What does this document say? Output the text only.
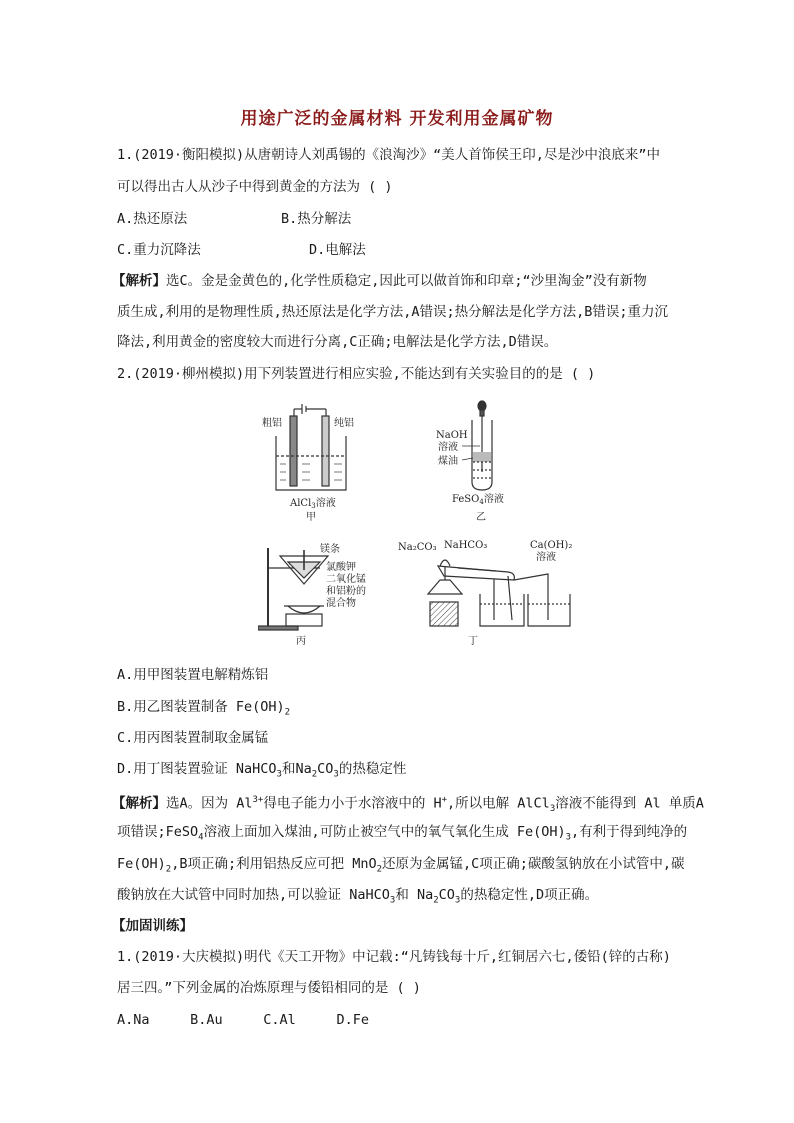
用途广泛的金属材料 开发利用金属矿物
1.(2019·衡阳模拟)从唐朝诗人刘禹锡的《浪淘沙》“美人首饰侯王印,尽是沙中浪底来”中
可以得出古人从沙子中得到黄金的方法为 ( )
A.热还原法	B.热分解法
C.重力沉降法	D.电解法
【解析】选C。金是金黄色的,化学性质稳定,因此可以做首饰和印章;“沙里淘金”没有新物
质生成,利用的是物理性质,热还原法是化学方法,A错误;热分解法是化学方法,B错误;重力沉
降法,利用黄金的密度较大而进行分离,C正确;电解法是化学方法,D错误。
2.(2019·柳州模拟)用下列装置进行相应实验,不能达到有关实验目的的是 ( )
粗铝	纯铝
AlCl$_3$溶液
甲
NaOH
溶液
煤油
FeSO$_4$溶液
乙
镁条
氯酸钾
二氧化锰
和铝粉的
混合物
丙
Na₂CO₃ NaHCO₃	Ca(OH)₂
溶液
丁
A.用甲图装置电解精炼铝
B.用乙图装置制备 $Fe(OH)_2$
C.用丙图装置制取金属锰
D.用丁图装置验证 NaHCO$_3$和$Na_2CO_3$的热稳定性
【解析】选A。因为 $Al^{3+}$得电子能力小于水溶液中的 H+,所以电解 AlCl$_3$溶液不能得到 Al 单质A
项错误;FeSO$_4$溶液上面加入煤油,可防止被空气中的氧气氧化生成 $Fe(OH)_3$,有利于得到纯净的
$Fe(OH)_2,B$项正确;利用铝热反应可把 MnO$_2$还原为金属锰,C项正确;碳酸氢钠放在小试管中,碳
酸钠放在大试管中同时加热,可以验证 NaHCO$_3$和 $Na_2CO_3$的热稳定性,D项正确。
【加固训练】
1.(2019·大庆模拟)明代《天工开物》中记载:“凡铸钱每十斤,红铜居六七,倭铅(锌的古称)
居三四。”下列金属的冶炼原理与倭铅相同的是 ( )
A.Na     B.Au     C.Al     D.Fe
